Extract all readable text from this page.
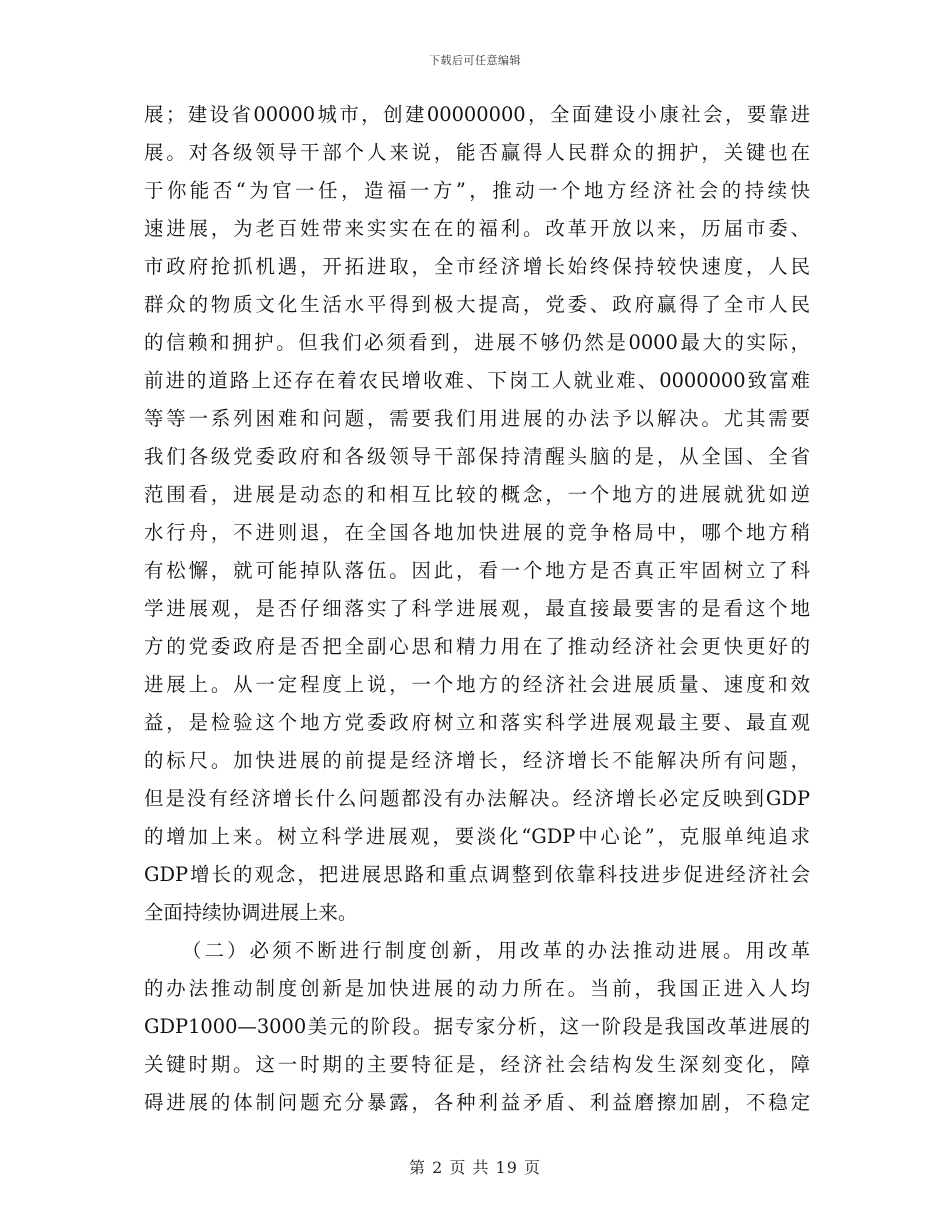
下载后可任意编辑
展；建设省00000城市，创建00000000，全面建设小康社会，要靠进
展。对各级领导干部个人来说，能否赢得人民群众的拥护，关键也在
于你能否“为官一任，造福一方”，推动一个地方经济社会的持续快
速进展，为老百姓带来实实在在的福利。改革开放以来，历届市委、
市政府抢抓机遇，开拓进取，全市经济增长始终保持较快速度，人民
群众的物质文化生活水平得到极大提高，党委、政府赢得了全市人民
的信赖和拥护。但我们必须看到，进展不够仍然是0000最大的实际，
前进的道路上还存在着农民增收难、下岗工人就业难、0000000致富难
等等一系列困难和问题，需要我们用进展的办法予以解决。尤其需要
我们各级党委政府和各级领导干部保持清醒头脑的是，从全国、全省
范围看，进展是动态的和相互比较的概念，一个地方的进展就犹如逆
水行舟，不进则退，在全国各地加快进展的竞争格局中，哪个地方稍
有松懈，就可能掉队落伍。因此，看一个地方是否真正牢固树立了科
学进展观，是否仔细落实了科学进展观，最直接最要害的是看这个地
方的党委政府是否把全副心思和精力用在了推动经济社会更快更好的
进展上。从一定程度上说，一个地方的经济社会进展质量、速度和效
益，是检验这个地方党委政府树立和落实科学进展观最主要、最直观
的标尺。加快进展的前提是经济增长，经济增长不能解决所有问题，
但是没有经济增长什么问题都没有办法解决。经济增长必定反映到GDP
的增加上来。树立科学进展观，要淡化“GDP中心论”，克服单纯追求
GDP增长的观念，把进展思路和重点调整到依靠科技进步促进经济社会
全面持续协调进展上来。
（二）必须不断进行制度创新，用改革的办法推动进展。用改革
的办法推动制度创新是加快进展的动力所在。当前，我国正进入人均
GDP1000—3000美元的阶段。据专家分析，这一阶段是我国改革进展的
关键时期。这一时期的主要特征是，经济社会结构发生深刻变化，障
碍进展的体制问题充分暴露，各种利益矛盾、利益磨擦加剧，不稳定
第 2 页 共 19 页
